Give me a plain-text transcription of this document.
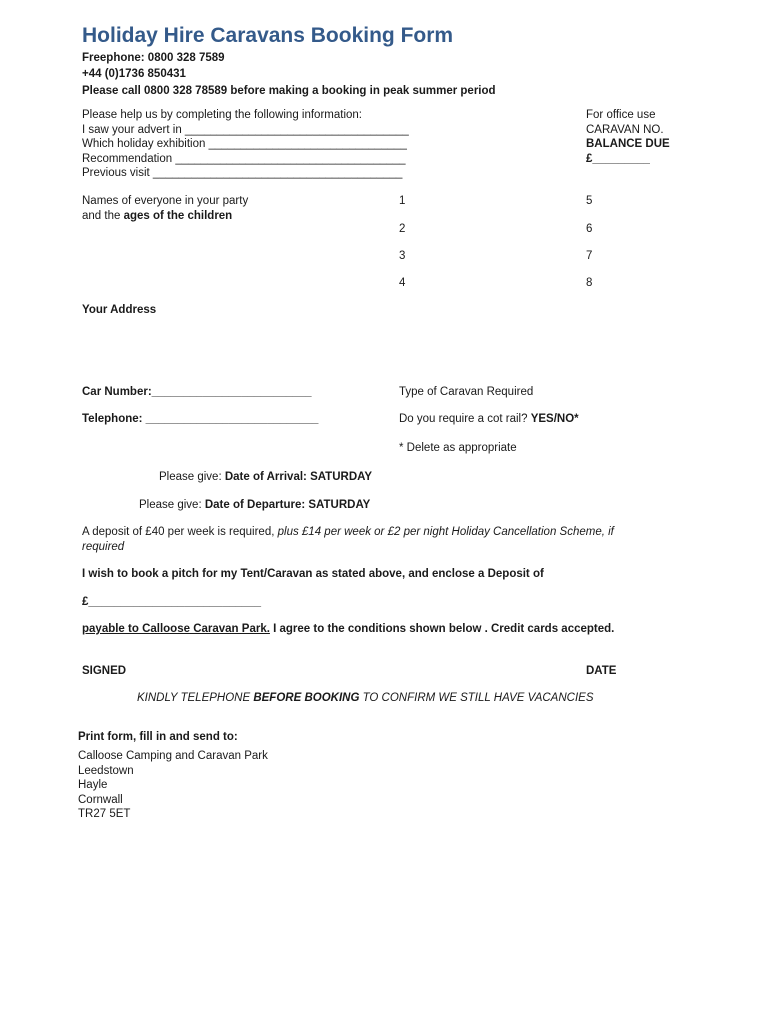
Holiday Hire Caravans Booking Form
Freephone: 0800 328 7589
+44 (0)1736 850431
Please call 0800 328 78589 before making a booking in peak summer period
Please help us by completing the following information:
I saw your advert in ___________________________________
Which holiday exhibition _______________________________
Recommendation ____________________________________
Previous visit _______________________________________
For office use
CARAVAN NO.
BALANCE DUE
£_________
Names of everyone in your party
and the ages of the children
1
2
3
4
5
6
7
8
Your Address
Car Number:_________________________
Telephone: ___________________________
Type of Caravan Required
Do you require a cot rail? YES/NO*
* Delete as appropriate
Please give: Date of Arrival: SATURDAY
Please give: Date of Departure: SATURDAY
A deposit of £40 per week is required, plus £14 per week or £2 per night Holiday Cancellation Scheme, if
required
I wish to book a pitch for my Tent/Caravan as stated above, and enclose a Deposit of
£___________________________
payable to Calloose Caravan Park. I agree to the conditions shown below . Credit cards accepted.
SIGNED	DATE
KINDLY TELEPHONE BEFORE BOOKING TO CONFIRM WE STILL HAVE VACANCIES
Print form, fill in and send to:
Calloose Camping and Caravan Park
Leedstown
Hayle
Cornwall
TR27 5ET
